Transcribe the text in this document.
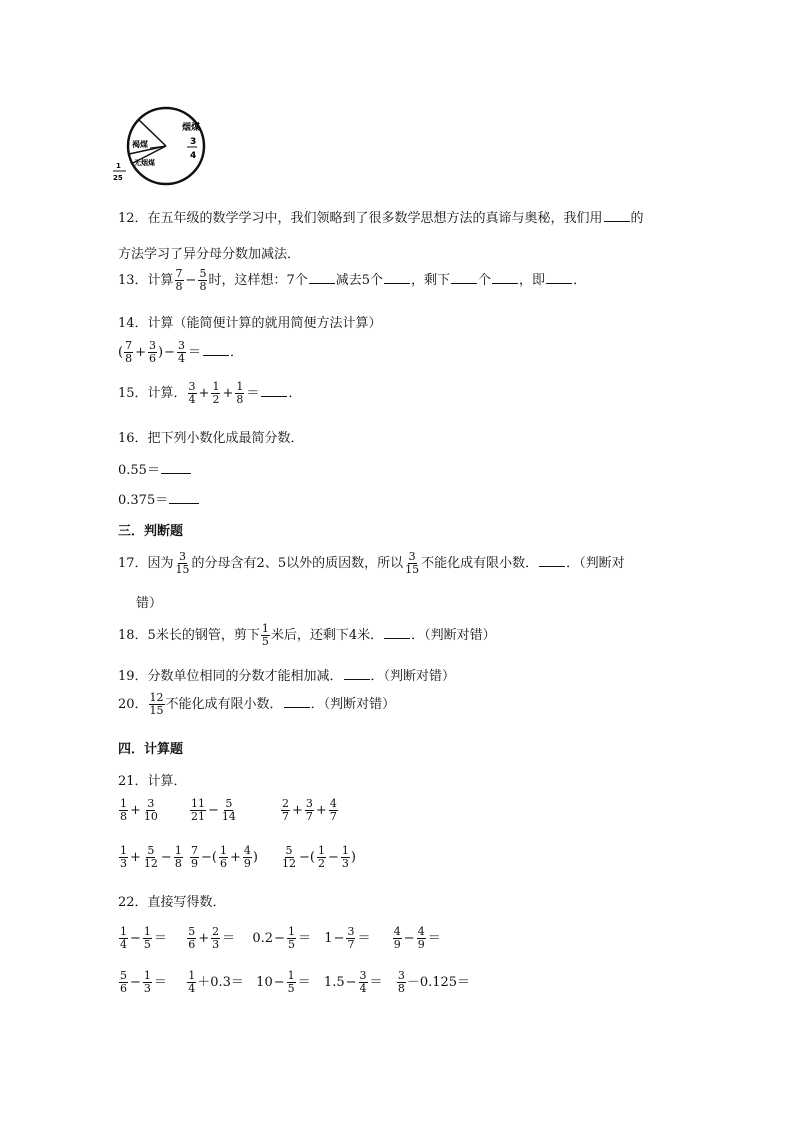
烟煤
3
4
褐煤
无烟煤
1
25
12．在五年级的数学学习中，我们领略到了很多数学思想方法的真谛与奥秘，我们用 的
方法学习了异分母分数加减法．
13．计算 $\frac{7}{8} - \frac{5}{8}$ 时，这样想：7个 减去5个 ，剩下 个 ，即 ．
14．计算（能简便计算的就用简便方法计算）
( $\frac{7}{8} + \frac{3}{6}$ )− $\frac{3}{4}$ ＝ ．
15．计算． $\frac{3}{4} + \frac{1}{2} + \frac{1}{8}$ ＝ ．
16．把下列小数化成最简分数．
0.55＝
0.375＝
三．判断题
17．因为 $\frac{3}{15}$ 的分母含有2、5以外的质因数，所以 $\frac{3}{15}$ 不能化成有限小数． ．（判断对
错）
18．5米长的钢管，剪下 $\frac{1}{5}$ 米后，还剩下4米． ．（判断对错）
19．分数单位相同的分数才能相加减． ．（判断对错）
20． $\frac{12}{15}$ 不能化成有限小数． ．（判断对错）
四．计算题
21．计算．
$\frac{1}{8} + \frac{3}{10}$	$\frac{11}{21} - \frac{5}{14}$	$\frac{2}{7} + \frac{3}{7} + \frac{4}{7}$
$\frac{1}{3} + \frac{5}{12} - \frac{1}{8} \frac{7}{9}$ −( $\frac{1}{6} + \frac{4}{9}$ ) $\frac{5}{12}$ −( $\frac{1}{2} - \frac{1}{3}$ )
22．直接写得数．
$\frac{1}{4} - \frac{1}{5} = \frac{5}{6} + \frac{2}{3} = 0.2- \frac{1}{5} = 1- \frac{3}{7} = \frac{4}{9} - \frac{4}{9}$ ＝
$\frac{5}{6} - \frac{1}{3} = \frac{1}{4} +0.3= 10- \frac{1}{5} = 1.5- \frac{3}{4} = \frac{3}{8} -0.125=$
